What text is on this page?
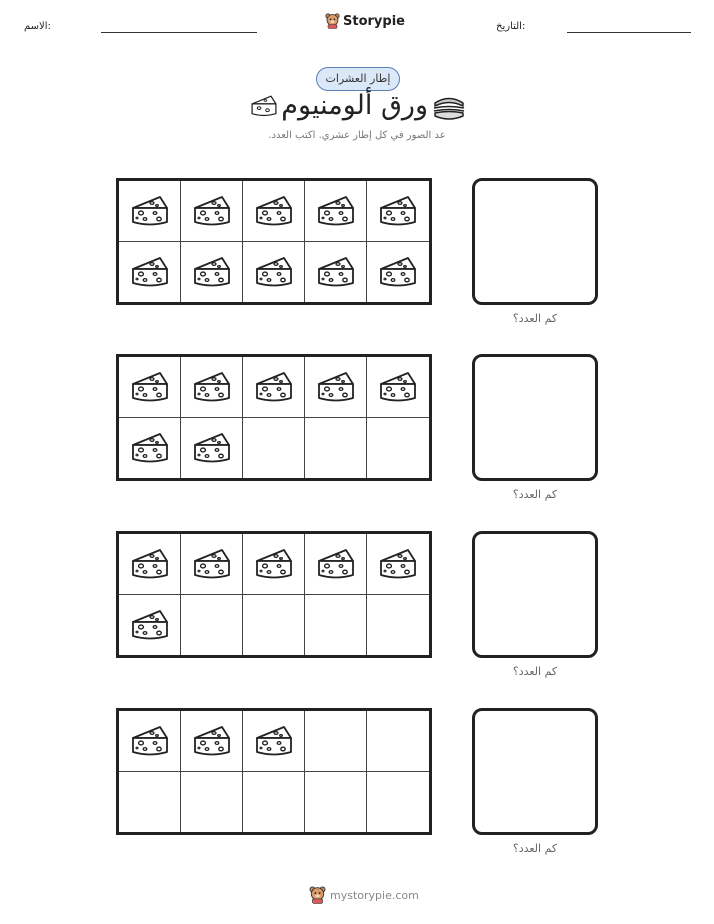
الاسم:	Storypie	التاريخ:
إطار العشرات
ورق ألومنيوم
عد الصور في كل إطار عشري. اكتب العدد.
كم العدد؟
كم العدد؟
كم العدد؟
كم العدد؟
mystorypie.com
